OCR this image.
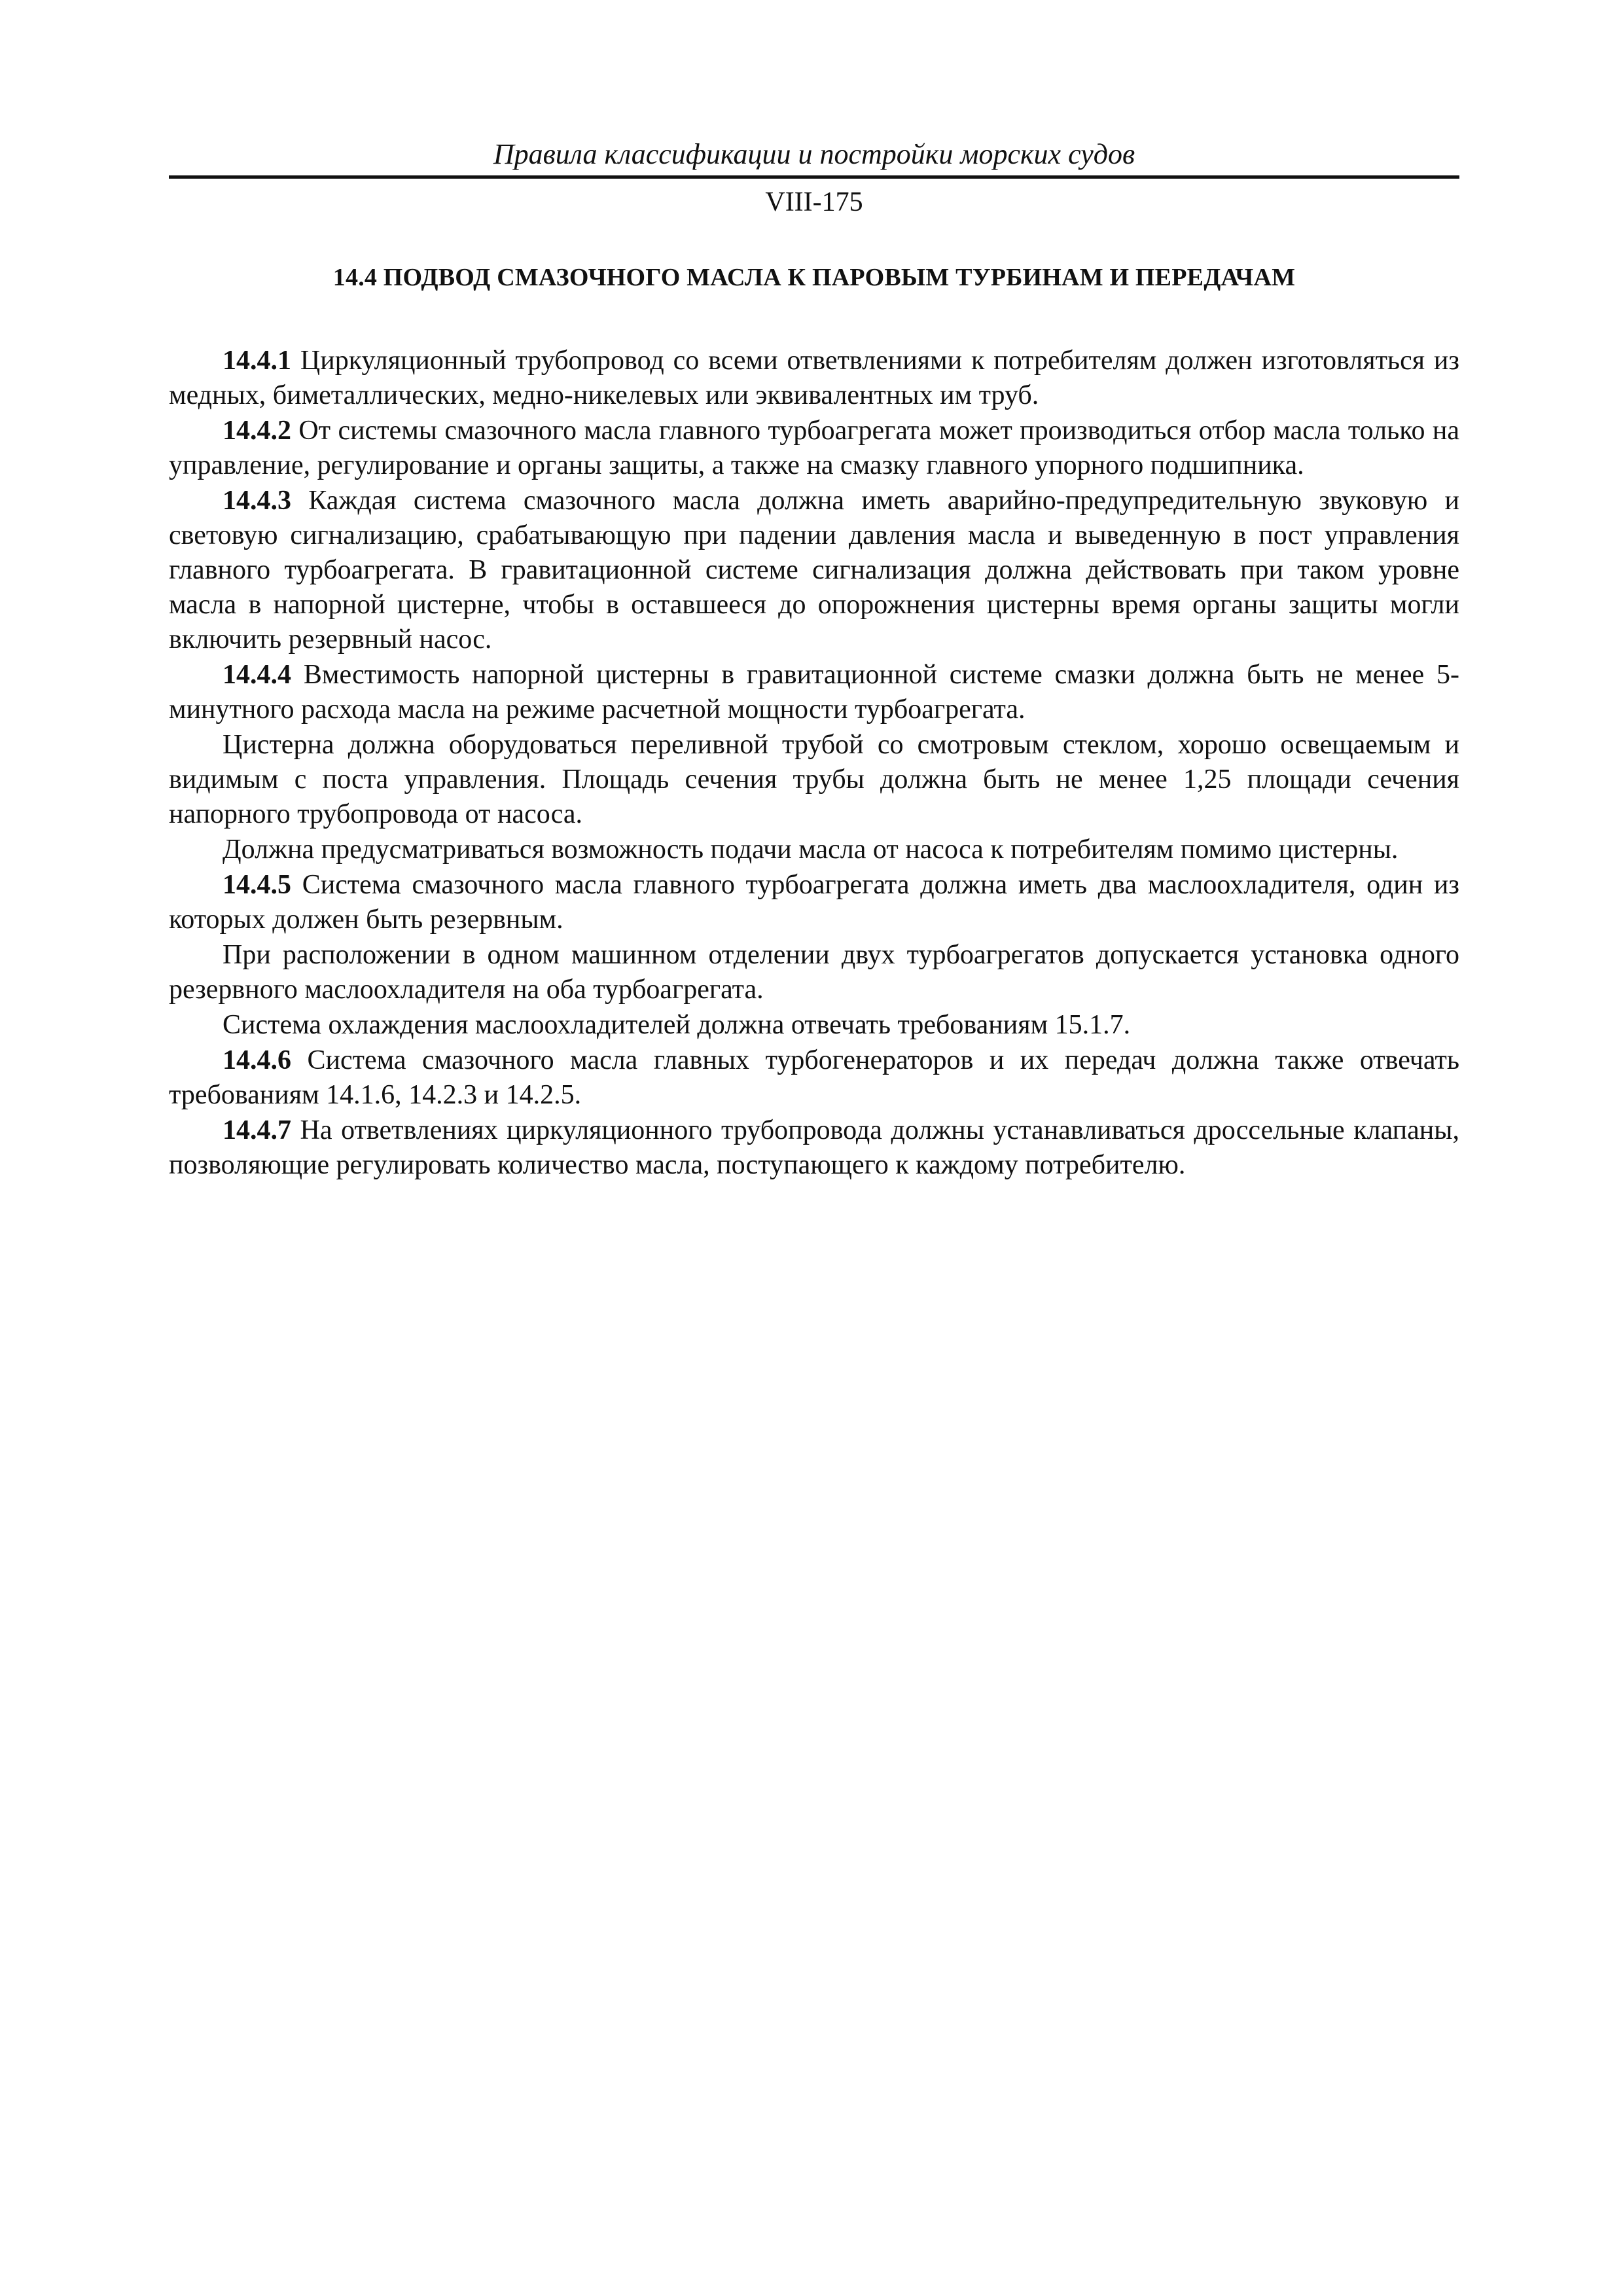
Правила классификации и постройки морских судов
VIII-175
14.4 ПОДВОД СМАЗОЧНОГО МАСЛА К ПАРОВЫМ ТУРБИНАМ И ПЕРЕДАЧАМ

14.4.1 Циркуляционный трубопровод со всеми ответвлениями к потребителям должен изготовляться из медных, биметаллических, медно-никелевых или эквивалентных им труб.

14.4.2 От системы смазочного масла главного турбоагрегата может производиться отбор масла только на управление, регулирование и органы защиты, а также на смазку главного упорного подшипника.

14.4.3 Каждая система смазочного масла должна иметь аварийно-предупредительную звуковую и световую сигнализацию, срабатывающую при падении давления масла и выведенную в пост управления главного турбоагрегата. В гравитационной системе сигнализация должна действовать при таком уровне масла в напорной цистерне, чтобы в оставшееся до опорожнения цистерны время органы защиты могли включить резервный насос.

14.4.4 Вместимость напорной цистерны в гравитационной системе смазки должна быть не менее 5-минутного расхода масла на режиме расчетной мощности турбоагрегата.

Цистерна должна оборудоваться переливной трубой со смотровым стеклом, хорошо освещаемым и видимым с поста управления. Площадь сечения трубы должна быть не менее 1,25 площади сечения напорного трубопровода от насоса.

Должна предусматриваться возможность подачи масла от насоса к потребителям помимо цистерны.

14.4.5 Система смазочного масла главного турбоагрегата должна иметь два маслоохладителя, один из которых должен быть резервным.

При расположении в одном машинном отделении двух турбоагрегатов допускается установка одного резервного маслоохладителя на оба турбоагрегата.

Система охлаждения маслоохладителей должна отвечать требованиям 15.1.7.

14.4.6 Система смазочного масла главных турбогенераторов и их передач должна также отвечать требованиям 14.1.6, 14.2.3 и 14.2.5.

14.4.7 На ответвлениях циркуляционного трубопровода должны устанавливаться дроссельные клапаны, позволяющие регулировать количество масла, поступающего к каждому потребителю.
